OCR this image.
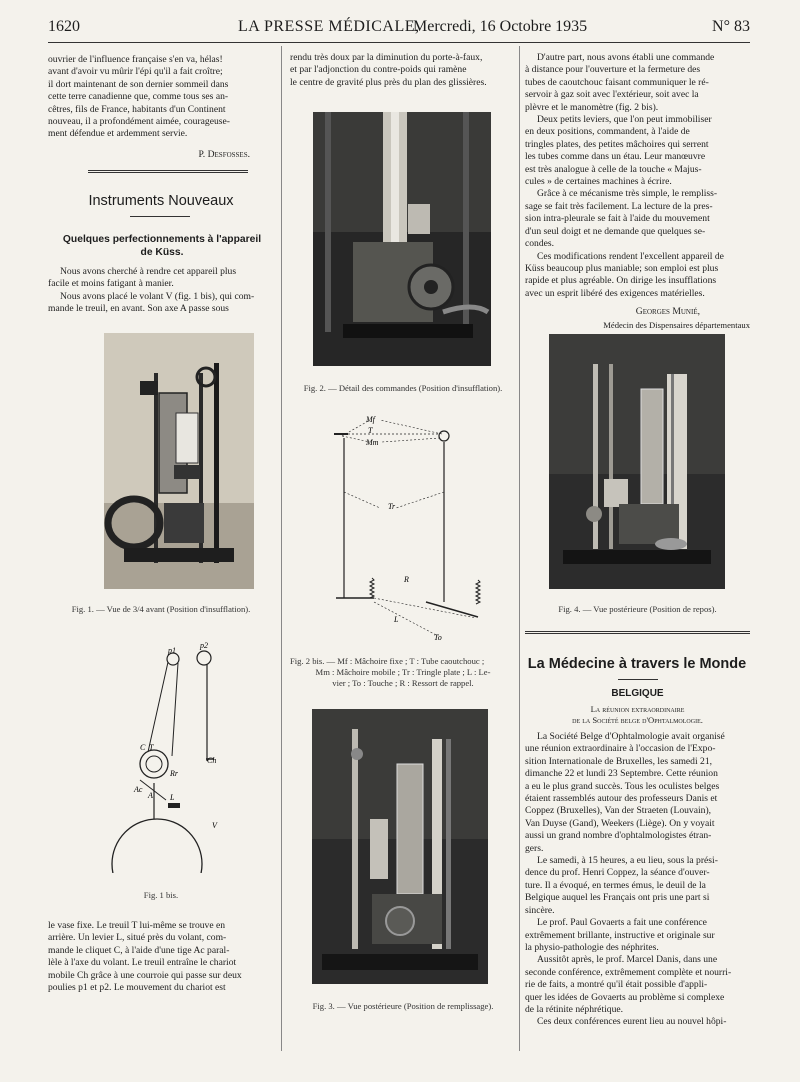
1620	LA PRESSE MÉDICALE,
Mercredi, 16 Octobre 1935	N° 83

ouvrier de l'influence française s'en va, hélas!

avant d'avoir vu mûrir l'épi qu'il a fait croître;

il dort maintenant de son dernier sommeil dans

cette terre canadienne que, comme tous ses an-

cêtres, fils de France, habitants d'un Continent

nouveau, il a profondément aimée, courageuse-

ment défendue et ardemment servie.

P. Desfosses.

Instruments Nouveaux
Quelques perfectionnements à l'appareil de Küss.

Nous avons cherché à rendre cet appareil plus

facile et moins fatigant à manier.

Nous avons placé le volant V (fig. 1 bis), qui com-

mande le treuil, en avant. Son axe A passe sous

Fig. 1. — Vue de 3/4 avant (Position d'insufflation).
p1
p2
C T
Rr
Ac
A L
Ch
V
Fig. 1 bis.

le vase fixe. Le treuil T lui-même se trouve en

arrière. Un levier L, situé près du volant, com-

mande le cliquet C, à l'aide d'une tige Ac paral-

lèle à l'axe du volant. Le treuil entraîne le chariot

mobile Ch grâce à une courroie qui passe sur deux

poulies p1 et p2. Le mouvement du chariot est

rendu très doux par la diminution du porte-à-faux,

et par l'adjonction du contre-poids qui ramène

le centre de gravité plus près du plan des glissières.

Fig. 2. — Détail des commandes (Position d'insufflation).
Mf
T
Mm
Tr
R
L
To
Fig. 2 bis. — Mf : Mâchoire fixe ; T : Tube caoutchouc ;
Mm : Mâchoire mobile ; Tr : Tringle plate ; L : Le-
vier ; To : Touche ; R : Ressort de rappel.
Fig. 3. — Vue postérieure (Position de remplissage).

D'autre part, nous avons établi une commande

à distance pour l'ouverture et la fermeture des

tubes de caoutchouc faisant communiquer le ré-

servoir à gaz soit avec l'extérieur, soit avec la

plèvre et le manomètre (fig. 2 bis).

Deux petits leviers, que l'on peut immobiliser

en deux positions, commandent, à l'aide de

tringles plates, des petites mâchoires qui serrent

les tubes comme dans un étau. Leur manœuvre

est très analogue à celle de la touche « Majus-

cules » de certaines machines à écrire.

Grâce à ce mécanisme très simple, le rempliss-

sage se fait très facilement. La lecture de la pres-

sion intra-pleurale se fait à l'aide du mouvement

d'un seul doigt et ne demande que quelques se-

condes.

Ces modifications rendent l'excellent appareil de

Küss beaucoup plus maniable; son emploi est plus

rapide et plus agréable. On dirige les insufflations

avec un esprit libéré des exigences matérielles.

Georges Munié,

Médecin des Dispensaires départementaux

Fig. 4. — Vue postérieure (Position de repos).
La Médecine à travers le Monde
BELGIQUE
La réunion extraordinaire
de la Société belge d'Ophtalmologie.

La Société Belge d'Ophtalmologie avait organisé

une réunion extraordinaire à l'occasion de l'Expo-

sition Internationale de Bruxelles, les samedi 21,

dimanche 22 et lundi 23 Septembre. Cette réunion

a eu le plus grand succès. Tous les oculistes belges

étaient rassemblés autour des professeurs Danis et

Coppez (Bruxelles), Van der Straeten (Louvain),

Van Duyse (Gand), Weekers (Liège). On y voyait

aussi un grand nombre d'ophtalmologistes étran-

gers.

Le samedi, à 15 heures, a eu lieu, sous la prési-

dence du prof. Henri Coppez, la séance d'ouver-

ture. Il a évoqué, en termes émus, le deuil de la

Belgique auquel les Français ont pris une part si

sincère.

Le prof. Paul Govaerts a fait une conférence

extrêmement brillante, instructive et originale sur

la physio-pathologie des néphrites.

Aussitôt après, le prof. Marcel Danis, dans une

seconde conférence, extrêmement complète et nourri-

rie de faits, a montré qu'il était possible d'appli-

quer les idées de Govaerts au problème si complexe

de la rétinite néphrétique.

Ces deux conférences eurent lieu au nouvel hôpi-
